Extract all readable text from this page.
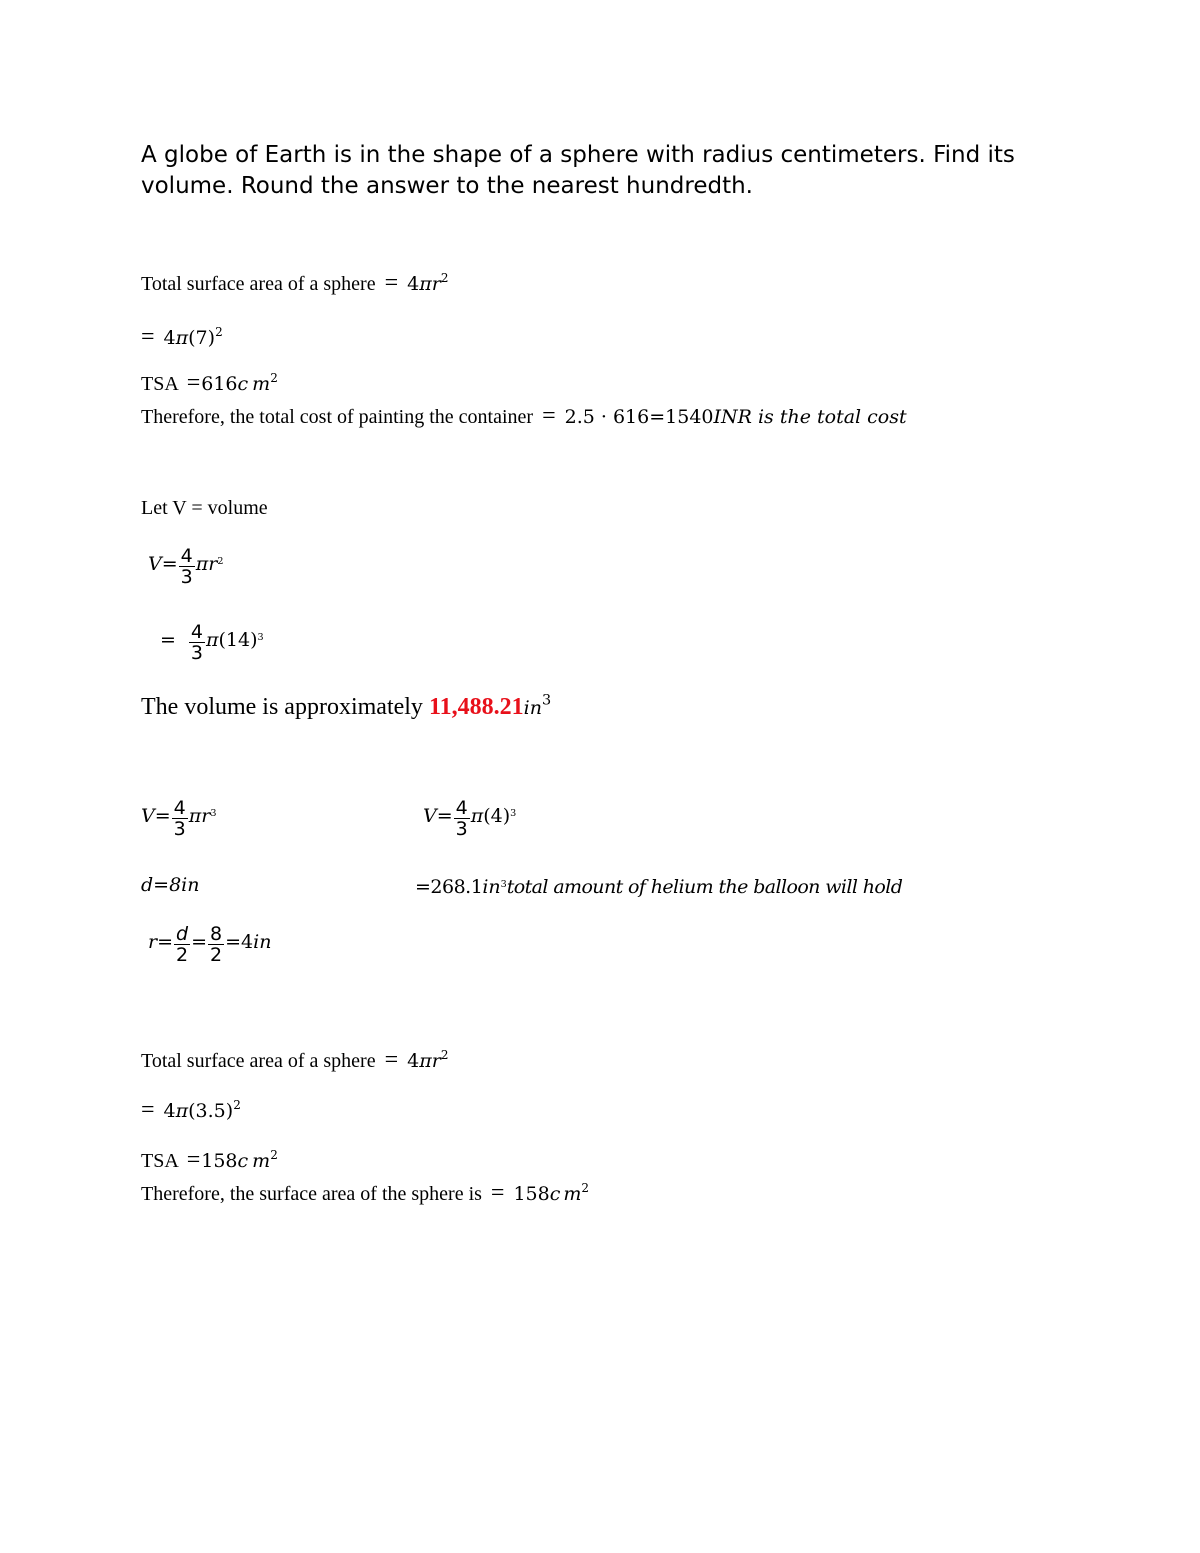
A globe of Earth is in the shape of a sphere with radius centimeters. Find its
volume. Round the answer to the nearest hundredth.
Total surface area of a sphere = $4\pi r^2$
= $4\pi(7)^2$
TSA =616c $m^2$
Therefore, the total cost of painting the container = 2.5 · 616=1540INR is the total cost
Let V = volume
$V= \frac{4}{3} \pi r^2$
= $\frac{4}{3} \pi(14)^3$
The volume is approximately $11,488.21in^3$
$V= \frac{4}{3} \pi r^3$
d=8in
$r= \frac{d}{2} = \frac{8}{2} =4in$
$V= \frac{4}{3} \pi(4)^3$
$=268.1in^3total$ amount of helium the balloon will hold
Total surface area of a sphere = $4\pi r^2$
= $4\pi(3.5)^2$
TSA =158c $m^2$
Therefore, the surface area of the sphere is = 158c $m^2$
